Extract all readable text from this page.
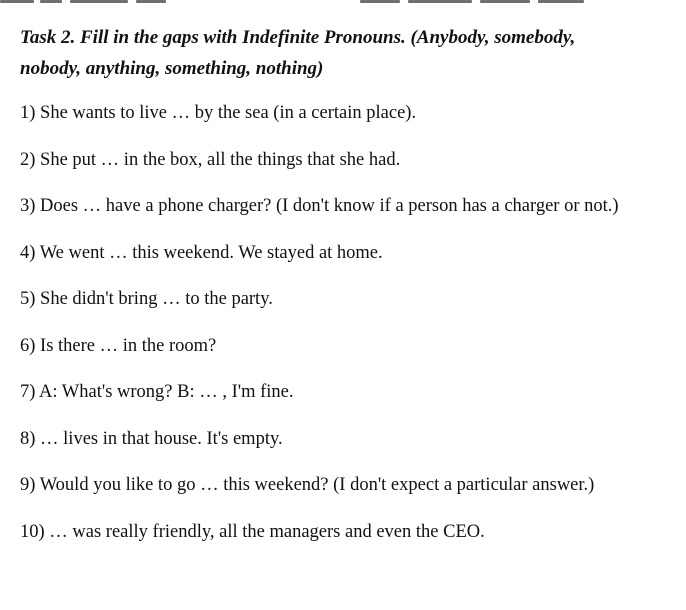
Task 2. Fill in the gaps with Indefinite Pronouns. (Anybody, somebody,
nobody, anything, something, nothing)

1) She wants to live … by the sea (in a certain place).

2) She put … in the box, all the things that she had.

3) Does … have a phone charger? (I don't know if a person has a charger or not.)

4) We went … this weekend. We stayed at home.

5) She didn't bring … to the party.

6) Is there … in the room?

7) A: What's wrong? B: … , I'm fine.

8) … lives in that house. It's empty.

9) Would you like to go … this weekend? (I don't expect a particular answer.)

10) … was really friendly, all the managers and even the CEO.
